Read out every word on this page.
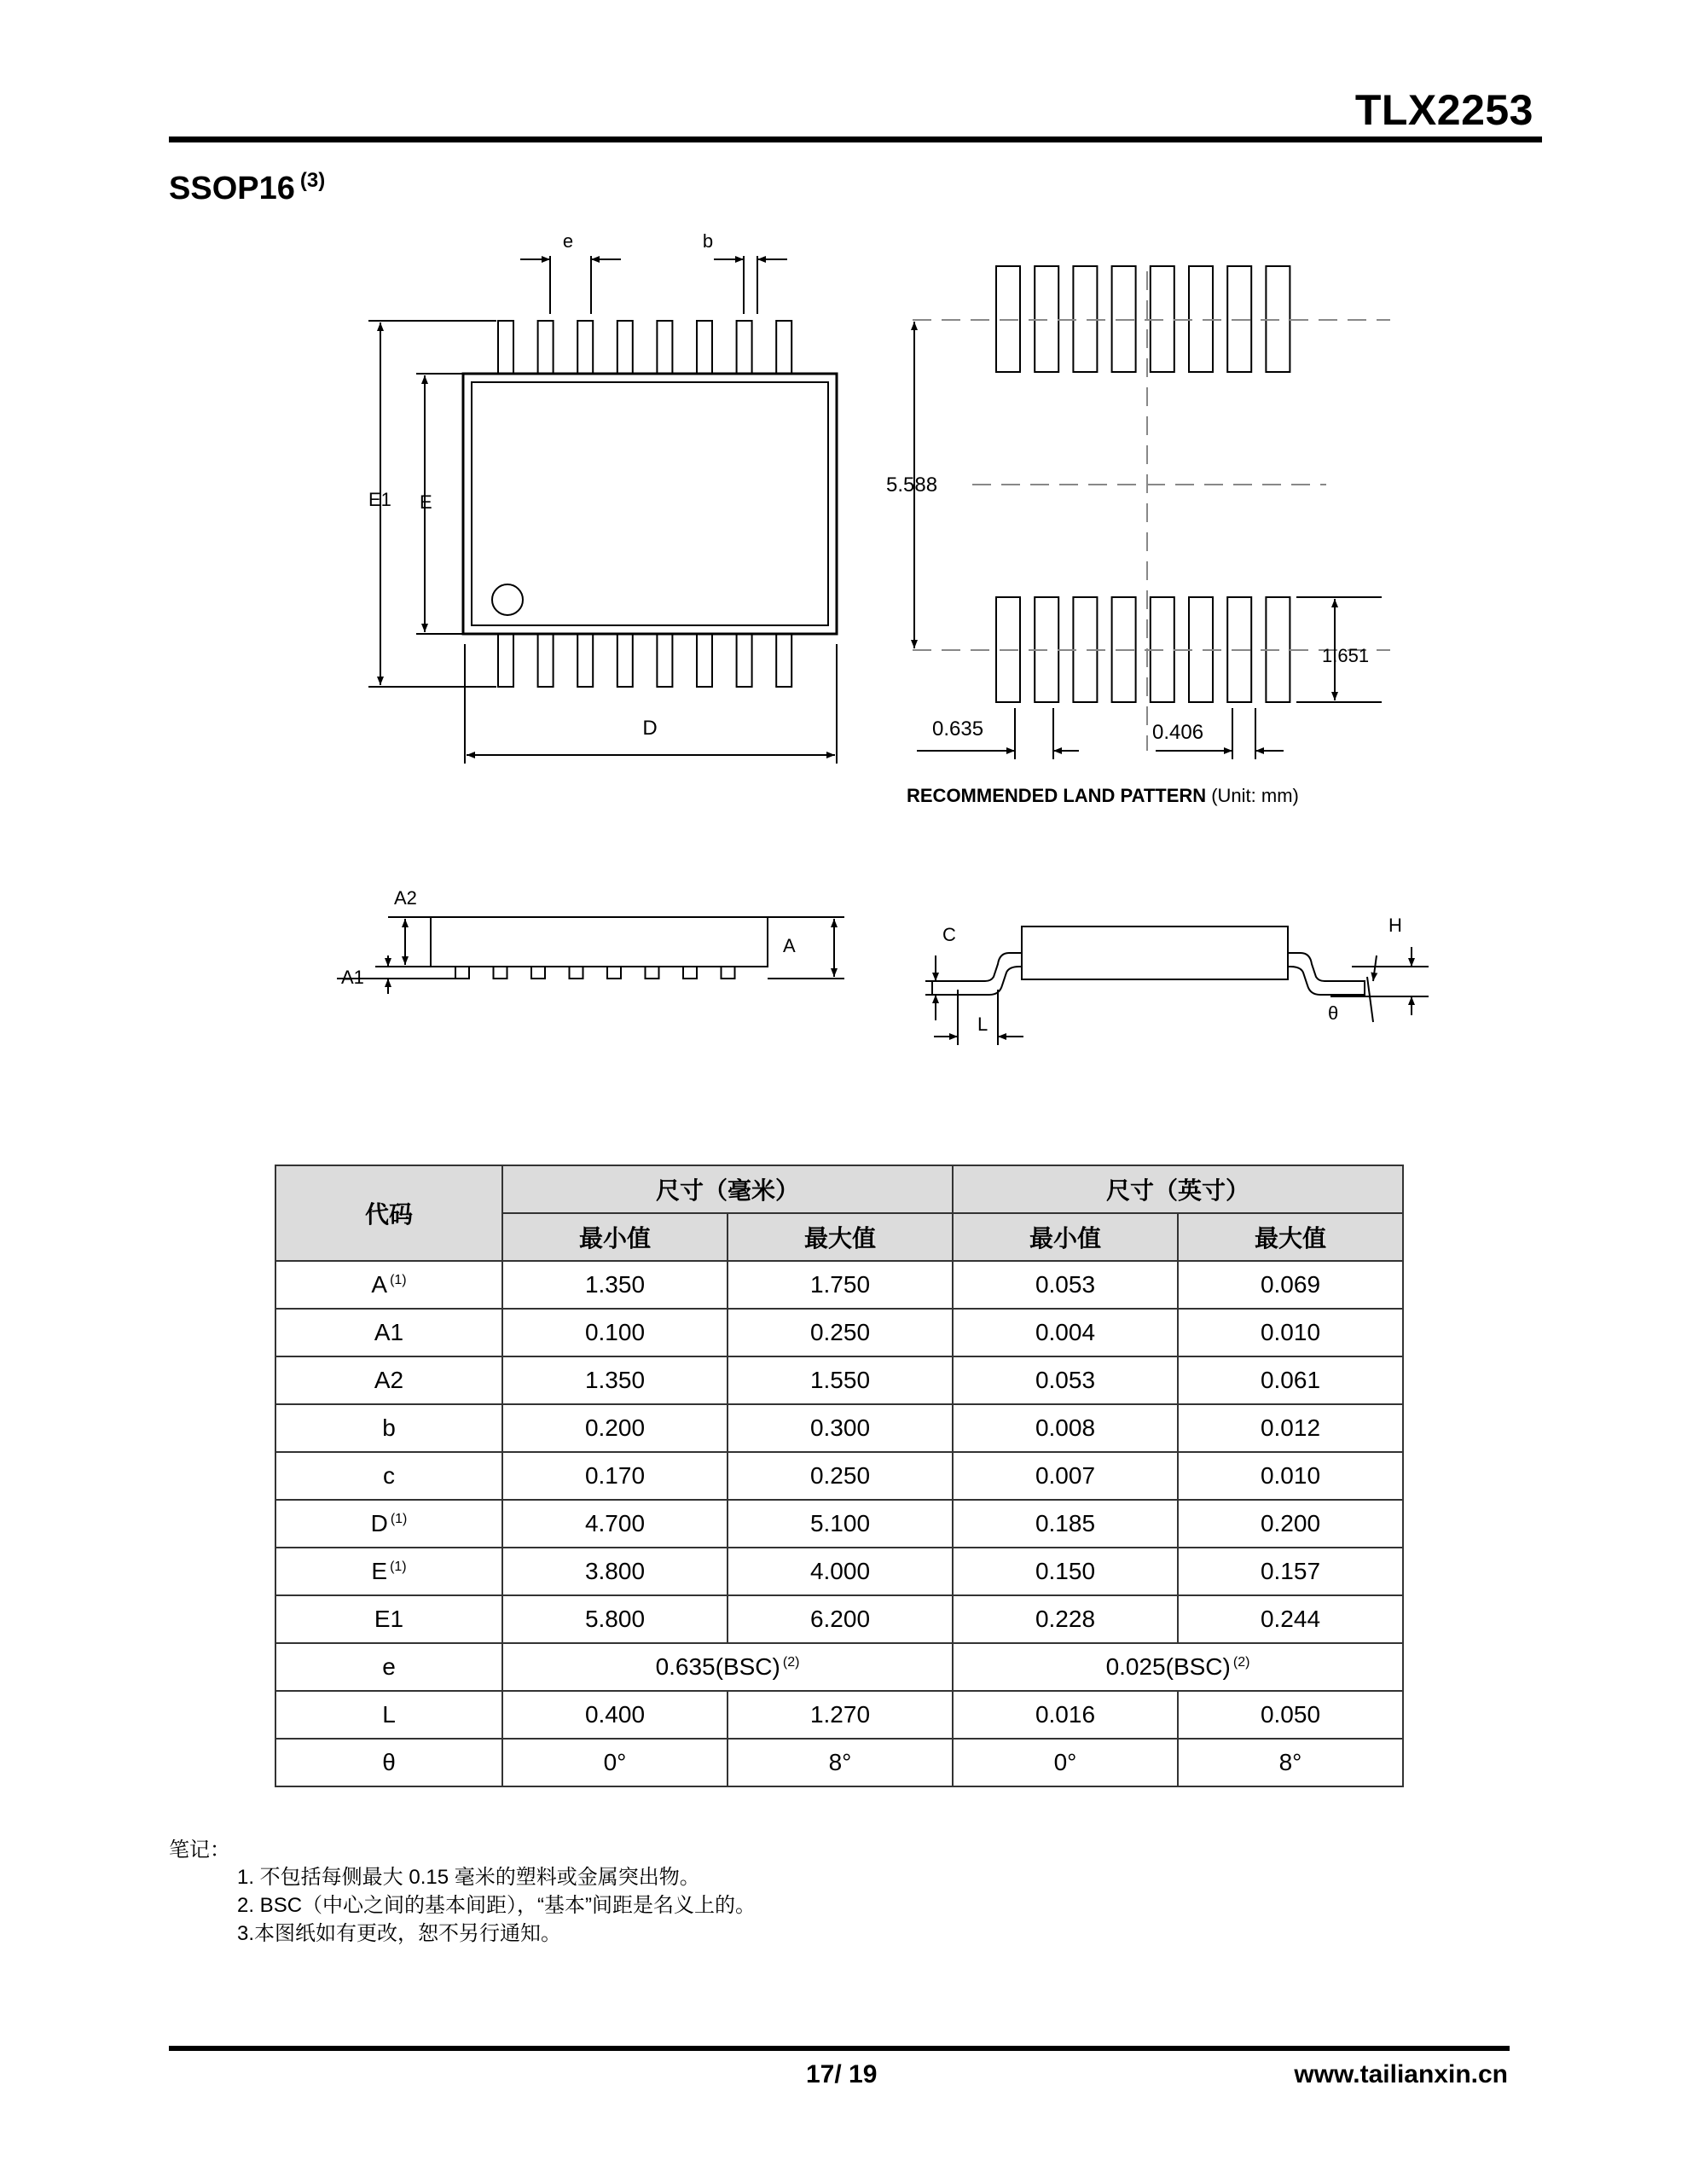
TLX2253
SSOP16 $^{(3)}$
e	b
E1 E
D
5.588
1.651
0.635	0.406
RECOMMENDED LAND PATTERN (Unit: mm)
A2
A1
A
C
L
H
θ
代码	尺寸（毫米）		尺寸（英寸）	
	最小值	最大值	最小值	最大值
A $^{(1)}$	1.350	1.750	0.053	0.069
A1	0.100	0.250	0.004	0.010
A2	1.350	1.550	0.053	0.061
b	0.200	0.300	0.008	0.012
c	0.170	0.250	0.007	0.010
D $^{(1)}$	4.700	5.100	0.185	0.200
E $^{(1)}$	3.800	4.000	0.150	0.157
E1	5.800	6.200	0.228	0.244
e	0.635(BSC) $^{(2)}$		0.025(BSC) $^{(2)}$
L	0.400	1.270	0.016	0.050
θ	0°	8°	0°	8°
笔记：
1. 不包括每侧最大 0.15 毫米的塑料或金属突出物。
2. BSC（中心之间的基本间距），“基本”间距是名义上的。
3.本图纸如有更改，恕不另行通知。
17/ 19	www.tailianxin.cn
